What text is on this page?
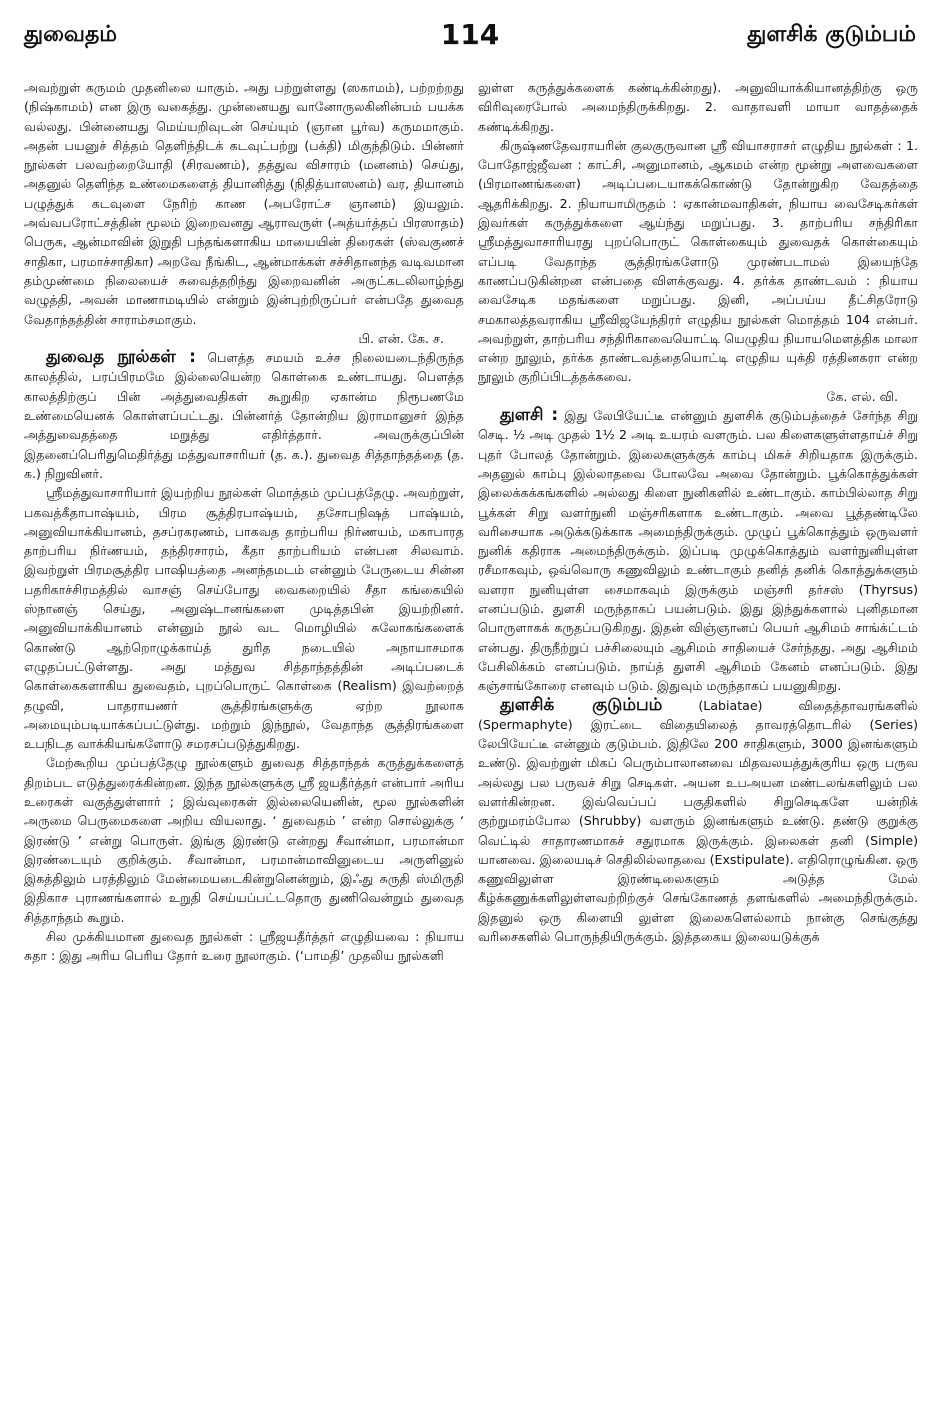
துவைதம்	114	துளசிக் குடும்பம்

அவற்றுள் கருமம் முதனிலை யாகும். அது பற்றுள்ளது (ஸகாமம்), பற்றற்றது (நிஷ்காமம்) என இரு வகைத்து. முன்னையது வானோருலகினின்பம் பயக்க வல்லது. பின்னையது மெய்யறிவுடன் செய்யும் (ஞான பூர்வ) கருமமாகும். அதன் பயனுச் சித்தம் தெளிந்திடக் கடவுட்பற்று (பக்தி) மிகுந்திடும். பின்னர் நூல்கள் பலவற்றையோதி (சிரவணம்), தத்துவ விசாரம் (மனனம்) செய்து, அதனுல் தெளிந்த உண்மைகளைத் தியானித்து (நிதித்யாஸனம்) வர, தியானம் பழுத்துக் கடவுளை நேரிற் காண (அபரோட்ச ஞானம்) இயலும். அவ்வபரோட்சத்தின் மூலம் இறைவனது ஆராவருள் (அத்யர்த்தப் பிரஸாதம்) பெருக, ஆன்மாவின் இறுதி பந்தங்களாகிய மாயையின் திரைகள் (ஸ்வகுணச் சாதிகா, பரமாச்சாதிகா) அறவே நீங்கிட, ஆன்மாக்கள் சச்சிதானந்த வடிவமான தம்முண்மை நிலையைச் சுவைத்தறிந்து இறைவனின் அருட்கடலிலாழ்ந்து வழுத்தி, அவன் மாணாமடியில் என்றும் இன்புற்றிருப்பர் என்பதே துவைத வேதாந்தத்தின் சாராம்சமாகும்.

பி. என். கே. ச.

துவைத நூல்கள் : பௌத்த சமயம் உச்ச நிலையடைந்திருந்த காலத்தில், பரப்பிரமமே இல்லையென்ற கொள்கை உண்டாயது. பௌத்த காலத்திற்குப் பின் அத்துவைதிகள் கூறுகிற ஏகான்ம நிரூபணமே உண்மையெனக் கொள்ளப்பட்டது. பின்னர்த் தோன்றிய இராமானுசர் இந்த அத்துவைதத்தை மறுத்து எதிர்த்தார். அவருக்குப்பின் இதனைப்பெரிதுமெதிர்த்து மத்துவாசாரியர் (த. க.). துவைத சித்தாந்தத்தை (த. க.) நிறுவினர்.

ஸ்ரீமத்துவாசாரியார் இயற்றிய நூல்கள் மொத்தம் முப்பத்தேழு. அவற்றுள், பகவத்கீதாபாஷ்யம், பிரம சூத்திரபாஷ்யம், தசோபநிஷத் பாஷ்யம், அனுவியாக்கியானம், தசப்ரகரணம், பாகவத தாற்பரிய நிர்ணயம், மகாபாரத தாற்பரிய நிர்ணயம், தந்திரசாரம், கீதா தாற்பரியம் என்பன சிலவாம். இவற்றுள் பிரமசூத்திர பாஷியத்தை அனந்தமடம் என்னும் பேருடைய சின்ன பதரிகாச்சிரமத்தில் வாசஞ் செய்போது வைகறையில் சீதா கங்கையில் ஸ்நானஞ் செய்து, அனுஷ்டானங்களை முடித்தபின் இயற்றினர். அனுவியாக்கியானம் என்னும் நூல் வட மொழியில் சுலோகங்களைக் கொண்டு ஆற்றொழுக்காய்த் துரித நடையில் அநாயாசமாக எழுதப்பட்டுள்ளது. அது மத்துவ சித்தாந்தத்தின் அடிப்படைக் கொள்கைகளாகிய துவைதம், புறப்பொருட் கொள்கை (Realism) இவற்றைத் தழுவி, பாதராயணர் சூத்திரங்களுக்கு ஏற்ற நூலாக அமையும்படியாக்கப்பட்டுள்து. மற்றும் இந்நூல், வேதாந்த சூத்திரங்களை உபநிடத வாக்கியங்களோடு சமரசப்படுத்துகிறது.

மேற்கூறிய முப்பத்தேழு நூல்களும் துவைத சித்தாந்தக் கருத்துக்களைத் திறம்பட எடுத்துரைக்கின்றன. இந்த நூல்களுக்கு ஸ்ரீ ஜயதீர்த்தர் என்பார் அரிய உரைகள் வகுத்துள்ளார் ; இவ்வுரைகள் இல்லையெனின், மூல நூல்களின் அருமை பெருமைகளை அறிய வியலாது. ‘ துவைதம் ’ என்ற சொல்லுக்கு ‘ இரண்டு ’ என்று பொருள். இங்கு இரண்டு என்றது சீவான்மா, பரமான்மா இரண்டையும் குறிக்கும். சீவான்மா, பரமான்மாவினுடைய அருளினுல் இகத்திலும் பரத்திலும் மேன்மையடைகின்றுனென்றும், இஃது சுருதி ஸ்மிருதி இதிகாச புராணங்களால் உறுதி செய்யப்பட்டதொரு துணிவென்றும் துவைத சித்தாந்தம் கூறும்.

சில முக்கியமான துவைத நூல்கள் : ஸ்ரீஜயதீர்த்தர் எழுதியவை : நியாய சுதா : இது அரிய பெரிய தோர் உரை நூலாகும். (‘பாமதி’ முதலிய நூல்களி

லுள்ள கருத்துக்களைக் கண்டிக்கின்றது). அனுவியாக்கியானத்திற்கு ஒரு விரிவுரைபோல் அமைந்திருக்கிறது. 2. வாதாவளி மாயா வாதத்தைக் கண்டிக்கிறது.

கிருஷ்ணதேவராயரின் குலகுருவான ஸ்ரீ வியாசராசர் எழுதிய நூல்கள் : 1. போதோஜ்ஜீவன : காட்சி, அனுமானம், ஆகமம் என்ற மூன்று அளவைகளை (பிரமாணங்களை) அடிப்படையாகக்கொண்டு தோன்றுகிற வேதத்தை ஆதரிக்கிறது. 2. நியாயாமிருதம் : ஏகான்மவாதிகள், நியாய வைசேடிகர்கள் இவர்கள் கருத்துக்களை ஆய்ந்து மறுப்பது. 3. தாற்பரிய சந்திரிகா ஸ்ரீமத்துவாசாரியரது புறப்பொருட் கொள்கையும் துவைதக் கொள்கையும் எப்படி வேதாந்த சூத்திரங்களோடு முரண்படாமல் இயைந்தே காணப்படுகின்றன என்பதை விளக்குவது. 4. தர்க்க தாண்டவம் : நியாய வைசேடிக மதங்களை மறுப்பது. இனி, அப்பய்ய தீட்சிதரோடு சமகாலத்தவராகிய ஸ்ரீவிஜயேந்திரர் எழுதிய நூல்கள் மொத்தம் 104 என்பர். அவற்றுள், தாற்பரிய சந்திரிகாவையொட்டி யெழுதிய நியாயமௌத்திக மாலா என்ற நூலும், தர்க்க தாண்டவத்தையொட்டி எழுதிய யுக்தி ரத்தினகரா என்ற நூலும் குறிப்பிடத்தக்கவை.

கே. எல். வி.

துளசி : இது லேபியேட்டீ என்னும் துளசிக் குடும்பத்தைச் சேர்ந்த சிறு செடி. ½ அடி முதல் 1½ 2 அடி உயரம் வளரும். பல கிளைகளுள்ளதாய்ச் சிறு புதர் போலத் தோன்றும். இலைகளுக்குக் காம்பு மிகச் சிறியதாக இருக்கும். அதனுல் காம்பு இல்லாதவை போலவே அவை தோன்றும். பூக்கொத்துக்கள் இலைக்கக்கங்களில் அல்லது கிளை நுனிகளில் உண்டாகும். காம்பில்லாத சிறு பூக்கள் சிறு வளர்நுனி மஞ்சரிகளாக உண்டாகும். அவை பூத்தண்டிலே வரிசையாக அடுக்கடுக்காக அமைந்திருக்கும். முழுப் பூக்கொத்தும் ஒருவளர் நுனிக் கதிராக அமைந்திருக்கும். இப்படி முழுக்கொத்தும் வளர்நுனியுள்ள ரசீமாகவும், ஒவ்வொரு கணுவிலும் உண்டாகும் தனித் தனிக் கொத்துக்களும் வளரா நுனியுள்ள சைமாகவும் இருக்கும் மஞ்சரி தர்சஸ் (Thyrsus) எனப்படும். துளசி மருந்தாகப் பயன்படும். இது இந்துக்களால் புனிதமான பொருளாகக் கருதப்படுகிறது. இதன் விஞ்ஞானப் பெயர் ஆசிமம் சாங்க்ட்டம் என்பது. திருநீற்றுப் பச்சிலையும் ஆசிமம் சாதியைச் சேர்ந்தது. அது ஆசிமம் பேசிலிக்கம் எனப்படும். நாய்த் துளசி ஆசிமம் கேனம் எனப்படும். இது கஞ்சாங்கோரை எனவும் படும். இதுவும் மருந்தாகப் பயனுகிறது.

துளசிக் குடும்பம்	(Labiatae) விதைத்தாவரங்களில் (Spermaphyte) இரட்டை விதையிலைத் தாவரத்தொடரில் (Series) லேபியேட்டீ என்னும் குடும்பம். இதிலே 200 சாதிகளும், 3000 இனங்களும் உண்டு. இவற்றுள் மிகப் பெரும்பாலானவை மிதவலயத்துக்குரிய ஒரு பருவ அல்லது பல பருவச் சிறு செடிகள். அயன உபஅயன மண்டலங்களிலும் பல வளர்கின்றன. இவ்வெப்பப் பகுதிகளில் சிறுசெடிகளே யன்றிக் குற்றுமரம்போல (Shrubby) வளரும் இனங்களும் உண்டு. தண்டு குறுக்கு வெட்டில் சாதாரணமாகச் சதுரமாக இருக்கும். இலைகள் தனி (Simple) யானவை. இலையடிச் செதிலில்லாதவை (Exstipulate). எதிரொழுங்கின. ஒரு கணுவிலுள்ள இரண்டிலைகளும் அடுத்த மேல் கீழ்க்கணுக்களிலுள்ளவற்றிற்குச் செங்கோணத் தளங்களில் அமைந்திருக்கும். இதனுல் ஒரு கிளையி லுள்ள இலைகளெல்லாம் நான்கு செங்குத்து வரிசைகளில் பொருந்தியிருக்கும். இத்தகைய இலையடுக்குக்
